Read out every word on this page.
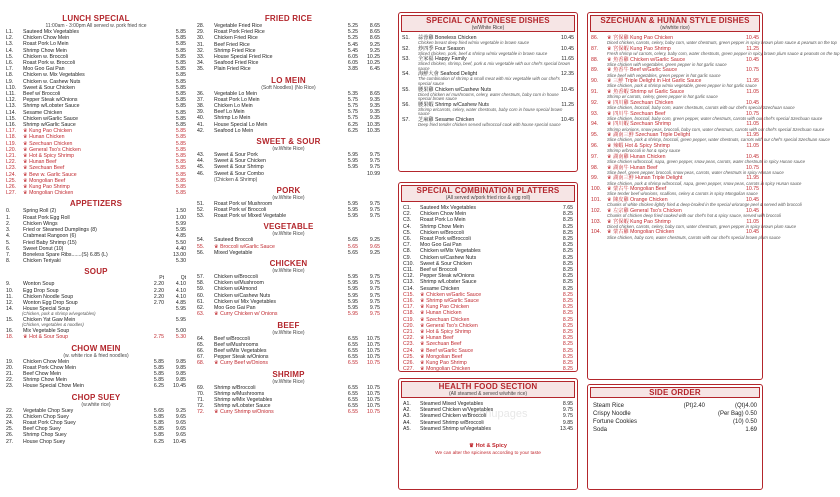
LUNCH SPECIAL
11:00am - 3:00pm All served w. pork fried rice
L1.	Sauteed Mix Vegetables	5.85
L2.	Chicken Chow Mein	5.85
L3.	Roast Pork Lo Mein	5.85
L4.	Shrimp Chow Mein	5.85
L5.	Chicken w. Broccoli	5.85
L6.	Roast Pork w. Broccoli	5.85
L7.	Moo Goo Gai Pan	5.85
L8.	Chicken w. Mix Vegetables	5.85
L9.	Chicken w. Cashew Nuts	5.85
L10.	Sweet & Sour Chicken	5.85
L11.	Beef w/ Broccoli	5.85
L12.	Pepper Steak w/Onions	5.85
L13.	Shrimp w/Lobster Sauce	5.85
L14.	Sesame Chicken	5.85
L15.	Chicken w/Garlic Sauce	5.85
L16.	Shrimp w/Garlic Sauce	5.85
L17.	♛ Kung Pao Chicken	5.85
L18.	♛ Hunan Chicken	5.85
L19.	♛ Szechuan Chicken	5.85
L20.	♛ General Tso's Chicken	5.85
L21.	♛ Hot & Spicy Shrimp	5.85
L22.	♛ Hunan Beef	5.85
L23.	♛ Szechuan Beef	5.85
L24.	♛ Bew w. Garlic Sauce	5.85
L25.	♛ Mongolian Beef	5.85
L26.	♛ Kung Pao Shrimp	5.85
L27.	♛ Mongolian Chicken	5.85
APPETIZERS
0.	Spring Roll (2)	1.50
1.	Roast Pork Egg Roll	1.00
2.	Chicken Wings	5.99
3.	Fried or Steamed Dumplings (8)	5.95
4.	Crabmeat Rangoon (6)	4.85
5.	Fried Baby Shrimp (15)	5.50
6.	Sweet Donut (10)	4.40
7.	Boneless Spare Ribs.......(S) 6.85 (L)	13.00
8.	Chicken Teriyaki	5.30
SOUP
Pt	Qt
9.	Wonton Soup	2.20	4.10
10.	Egg Drop Soup	2.20	4.10
11.	Chicken Noodle Soup	2.20	4.10
12.	Wonton Egg Drop Soup	2.70	4.85
14.	House Special Soup	5.95
(Chicken, pork & shrimp w/vegetables)
15.	Chicken Yat Gaw Mein	5.95
(Chicken, vegetables & noodles)
16.	Mix Vegetable Soup	5.00
18.	♛ Hot & Sour Soup	2.75	5.30
CHOW MEIN
(w. white rice & fried noodles)
19.	Chicken Chow Mein	5.85	9.85
20.	Roast Pork Chow Mein	5.85	9.85
21.	Beef Chow Mein	5.85	9.85
22.	Shrimp Chow Mein	5.85	9.85
23.	House Special Chow Mein	6.25	10.45
CHOP SUEY
(w.white rice)
22.	Vegetable Chop Suey	5.65	9.25
23.	Chicken Chop Suey	5.85	9.65
24.	Roast Pork Chop Suey	5.85	9.65
25.	Beef Chop Suey	5.85	9.65
26.	Shrimp Chop Suey	5.85	9.65
27.	House Chop Suey	6.25	10.45
FRIED RICE
28.	Vegetable Fried Rice	5.25	8.65
29.	Roast Pork Fried Rice	5.25	8.65
30.	Chicken Fried Rice	5.25	8.65
31.	Beef Fried Rice	5.45	9.25
32.	Shrimp Fried Rice	5.45	9.25
33.	House Special Fried Rice	6.05	10.25
34.	Seafood Fried Rice	6.05	10.25
35.	Plain Fried Rice	3.85	6.45
LO MEIN
(Soft Noodles) (No Rice)
36.	Vegetable Lo Mein	5.35	8.65
37.	Roast Pork Lo Mein	5.75	9.35
38.	Chicken Lo Mein	5.75	9.35
39.	Beef Lo Mein	5.75	9.35
40.	Shrimp Lo Mein	5.75	9.35
41.	House Special Lo Mein	6.25	10.35
42.	Seafood Lo Mein	6.25	10.35
SWEET & SOUR
(w.White Rice)
43.	Sweet & Sour Pork	5.95	9.75
44.	Sweet & Sour Chicken	5.95	9.75
45.	Sweet & Sour Shrimp	5.95	9.75
46.	Sweet & Sour Combo	10.99
(Chicken & Shrimp)
PORK
(w.White Rice)
51.	Roast Pork w/ Mushroom	5.95	9.75
52.	Roast Pork w/ Broccoli	5.95	9.75
53.	Roast Pork w/ Mixed Vegetable	5.95	9.75
VEGETABLE
(w.White Rice)
54.	Sauteed Broccoli	5.65	9.25
55.	♛ Broccoli w/Garlic Sauce	5.65	9.65
56.	Mixed Vegetable	5.65	9.25
CHICKEN
(w.White Rice)
57.	Chicken w/Broccoli	5.95	9.75
58.	Chicken w/Mushroom	5.95	9.75
59.	Chicken w/Almond	5.95	9.75
60.	Chicken w/Cashew Nuts	5.95	9.75
61.	Chicken w/ Mix Vegetables	5.95	9.75
62.	Moo Goo Gai Pan	5.95	9.75
63.	♛ Curry Chicken w/ Onions	5.95	9.75
BEEF
(w.White Rice)
64.	Beef w/Broccoli	6.55	10.75
65.	Beef w/Mushrooms	6.55	10.75
66.	Beef w/Mix Vegetables	6.55	10.75
67.	Pepper Steak w/Onions	6.55	10.75
68.	♛ Curry Beef w/Onions	6.55	10.75
SHRIMP
(w.White Rice)
69.	Shrimp w/Broccoli	6.55	10.75
70.	Shrimp w/Mushrooms	6.55	10.75
71.	Shrimp w/Mix Vegetables	6.55	10.75
72.	Shrimp w/Lobster Sauce	6.55	10.75
72.	♛ Curry Shrimp w/Onions	6.55	10.75
SPECIAL CANTONESE DISHES
(w/White Rice)
S1.	蒜蓉雞 Boneless Chicken	10.45
Chicken breast deep fried w/mix vegetable in brown sauce
S2.	炒四季 Four Season	10.45
Sliced chicken, pork, beef & shrimp w/mix vegetable in brown sauce
S3.	全家福 Happy Family	11.65
Sliced chicken, shrimp, beef, pork & mix vegetable with our chef's special brown sauce
S4.	海鮮大會 Seafood Delight	12.35
The combination of shrimp & small meat with mix vegetable with our chef's special sauce
S5.	腰果雞 Chicken w/Cashew Nuts	10.45
Diced chicken w/ mushrooms, celery, water chestnuts, baby corn in house special brown sauce
S6.	腰果蝦 Shrimp w/Cashew Nuts	11.25
Shrimp w/carrots, celery, water chestnuts, baby corn in house special brown sauce
S7.	芝麻雞 Sesame Chicken	10.45
Deep fried tender chicken served w/broccoli cook with house special sauce
SPECIAL COMBINATION PLATTERS
(All served w/pork fried rice & egg roll)
C1.	Sauteed Mix Vegetables	7.65
C2.	Chicken Chow Mein	8.25
C3.	Roast Pork Lo Mein	8.25
C4.	Shrimp Chow Mein	8.25
C5.	Chicken w/Broccoli	8.25
C6.	Roast Pork w/Broccoli	8.25
C7.	Moo Goo Gai Pan	8.25
C8.	Chicken w/Mix Vegetables	8.25
C9.	Chicken w/Cashew Nuts	8.25
C10.	Sweet & Sour Chicken	8.25
C11.	Beef w/ Broccoli	8.25
C12.	Pepper Steak w/Onions	8.25
C13.	Shrimp w/Lobster Sauce	8.25
C14.	Sesame Chicken	8.25
C15.	♛ Chicken w/Garlic Sauce	8.25
C16.	♛ Shrimp w/Garlic Sauce	8.25
C17.	♛ Kung Pao Chicken	8.25
C18.	♛ Hunan Chicken	8.25
C19.	♛ Szechuan Chicken	8.25
C20.	♛ General Tso's Chicken	8.25
C21.	♛ Hot & Spicy Shrimp	8.25
C22.	♛ Hunan Beef	8.25
C23.	♛ Szechuan Beef	8.25
C24.	♛ Beef w/Garlic Sauce	8.25
C25.	♛ Mongolian Beef	8.25
C26.	♛ Kung Pao Shrimp	8.25
C27.	♛ Mongolian Chicken	8.25
HEALTH FOOD SECTION
(All steamed & served w/white rice)
A1.	Steamed Mixed Vegetables	8.95
A2.	Steamed Chicken w/Vegetables	9.75
A3.	Steamed Chicken w/Broccoli	9.75
A4.	Steamed Shrimp w/Broccoli	9.85
A5.	Steamed Shrimp w/Vegetables	13.45
♛ Hot & Spicy
We can alter the spiciness according to your taste
SZECHUAN & HUNAN STYLE DISHES
(w/white rice)
86.	♛ 宮保雞 Kung Pao Chicken	10.45
Diced chicken, carrots, celery, baby corn, water chestnuts, green pepper in spicy brown plum sauce & peanuts on the top
87.	♛ 宮保蝦 Kung Pao Shrimp	11.25
Fresh shrimp w/ carrots, celery, baby corn, water chestnuts, green pepper in spicy brown plum sauce & peanuts on the top
88.	♛ 魚香雞 Chicken w/Garlic Sauce	10.45
Slice chicken with vegetables, green pepper in hot garlic sauce
89.	♛ 魚香牛 Beef w/Garlic Sauce	10.75
Slice beef with vegetables, green pepper in hot garlic sauce
90.	♛ 三鮮 Triple Delight in Hot Garlic Sauce	11.95
Slice chicken, pork & shrimp w/mix vegetable, green pepper in hot garlic sauce
91.	♛ 魚香蝦 Shrimp w/ Garlic Sauce	11.05
Shrimp w/ carrots, celery, green pepper in hot garlic sauce
92.	♛ 四川雞 Szechuan Chicken	10.45
Slice chicken, broccoli, baby corn, water chestnuts, carrots with our chef's special Szechuan sauce
93.	♛ 四川牛 Szechuan Beef	10.75
Slice chicken, broccoli, baby corn, green pepper, water chestnuts, carrots with our chef's special Szechuan sauce
94.	♛ 四川蝦 Szechuan Shrimp	11.05
Shrimp w/onions, snow peas, broccoli, baby corn, water chestnuts, carrots with our chef's special Szechuan sauce
95.	♛ 湖南三鮮 Szechuan Triple Delight	11.95
Slice chicken, pork & shrimp, broccoli, green pepper, water chestnuts, carrots with our chef's special Szechuan sauce
96.	♛ 辣蝦 Hot & Spicy Shrimp	11.05
Shrimp w/broccoli in hot & spicy sauce
97.	♛ 湖南雞 Hunan Chicken	10.45
Slice chicken w/broccoli, napa, green pepper, snow peas, carrots, water chestnuts in spicy Hunan sauce
98.	♛ 湖南牛 Hunan Beef	10.75
Slice beef, green pepper, broccoli, snow peas, carrots, water chestnuts in spicy Hunan sauce
99.	♛ 湖南三鮮 Hunan Triple Delight	11.95
Slice chicken, pork & shrimp w/broccoli, napa, green pepper, snow peas, carrots in spicy Hunan sauce
100.	♛ 蒙古牛 Mongolian Beef	10.75
Slice tender beef w/onions, scallions, celery & carrots in spicy Mongolian sauce
101.	♛ 陳皮雞 Orange Chicken	10.45
Chunks of white chicken lightly fried & deep-broiled in the special w/orange peel & served with broccoli
102.	♛ 左宗雞 General Tso's Chicken	10.45
Chunks of chicken deep fried cooked with our chef's hot & spicy sauce, served with broccoli
103.	♛ 宮保蝦 Kung Pao Shrimp	11.05
Diced chicken, carrots, celery, baby corn, water chestnuts, green pepper in spicy brown plum sauce
104.	♛ 蒙古雞 Mongolian Chicken	10.45
Slice chicken, baby corn, water chestnuts, carrots with our chef's special brown plum sauce
SIDE ORDER
Steam Rice	(Pt)2.40	(Qt)4.00
Crispy Noodle	(Per Bag) 0.50
Fortune Cookies	(10) 0.50
Soda	1.69
menupages
